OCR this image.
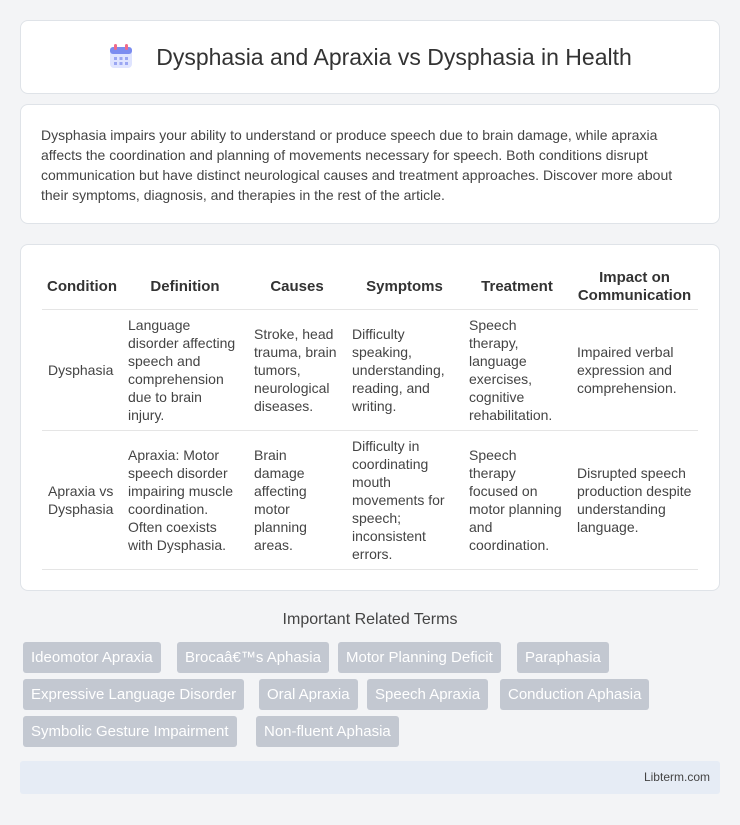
Dysphasia and Apraxia vs Dysphasia in Health

Dysphasia impairs your ability to understand or produce speech due to brain damage, while apraxia affects the coordination and planning of movements necessary for speech. Both conditions disrupt communication but have distinct neurological causes and treatment approaches. Discover more about their symptoms, diagnosis, and therapies in the rest of the article.

Condition	Definition	Causes	Symptoms	Treatment	Impact on Communication
Dysphasia	Language disorder affecting speech and comprehension due to brain injury.	Stroke, head trauma, brain tumors, neurological diseases.	Difficulty speaking, understanding, reading, and writing.	Speech therapy, language exercises, cognitive rehabilitation.	Impaired verbal expression and comprehension.
Apraxia vs Dysphasia	Apraxia: Motor speech disorder impairing muscle coordination. Often coexists with Dysphasia.	Brain damage affecting motor planning areas.	Difficulty in coordinating mouth movements for speech; inconsistent errors.	Speech therapy focused on motor planning and coordination.	Disrupted speech production despite understanding language.
Important Related Terms
Ideomotor Apraxia	Brocaâ€™s Aphasia	Motor Planning Deficit	Paraphasia
Expressive Language Disorder	Oral Apraxia	Speech Apraxia	Conduction Aphasia
Symbolic Gesture Impairment	Non-fluent Aphasia
Libterm.com
